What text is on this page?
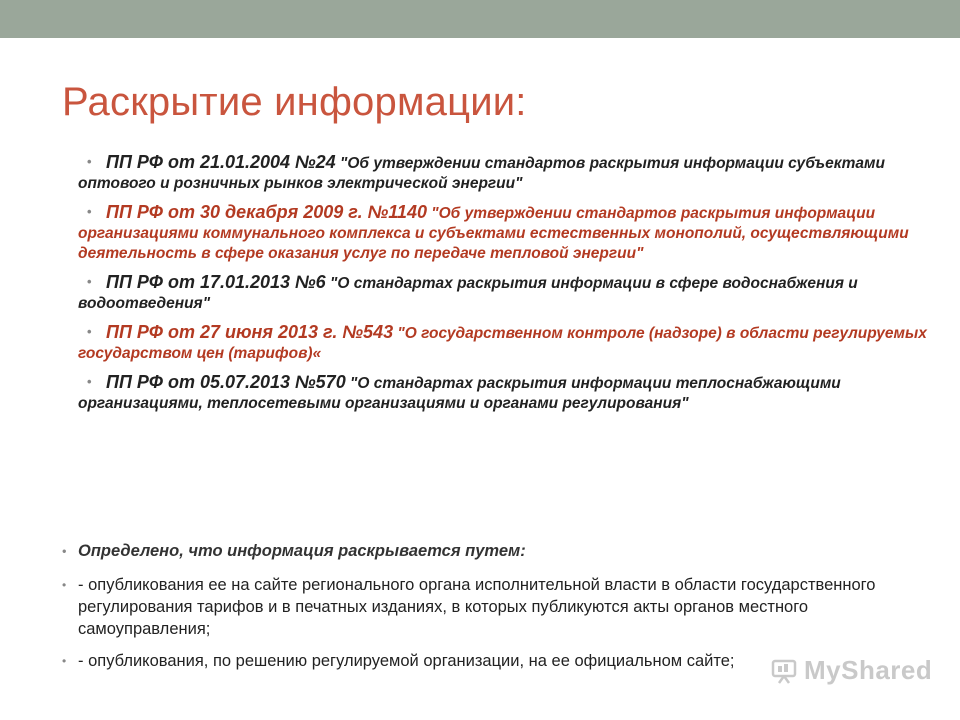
Раскрытие информации:
• ПП РФ от 21.01.2004 №24 "Об утверждении стандартов раскрытия информации субъектами оптового и розничных рынков электрической энергии"
• ПП РФ от 30 декабря 2009 г. №1140 "Об утверждении стандартов раскрытия информации организациями коммунального комплекса и субъектами естественных монополий, осуществляющими деятельность в сфере оказания услуг по передаче тепловой энергии"
• ПП РФ от 17.01.2013 №6 "О стандартах раскрытия информации в сфере водоснабжения и водоотведения"
• ПП РФ от 27 июня 2013 г. №543 "О государственном контроле (надзоре) в области регулируемых государством цен (тарифов)«
• ПП РФ от 05.07.2013 №570 "О стандартах раскрытия информации теплоснабжающими организациями, теплосетевыми организациями и органами регулирования"
• Определено, что информация раскрывается путем:
• - опубликования ее на сайте регионального органа исполнительной власти в области государственного регулирования тарифов и в печатных изданиях, в которых публикуются акты органов местного самоуправления;
• - опубликования, по решению регулируемой организации, на ее официальном сайте;	MyShared
